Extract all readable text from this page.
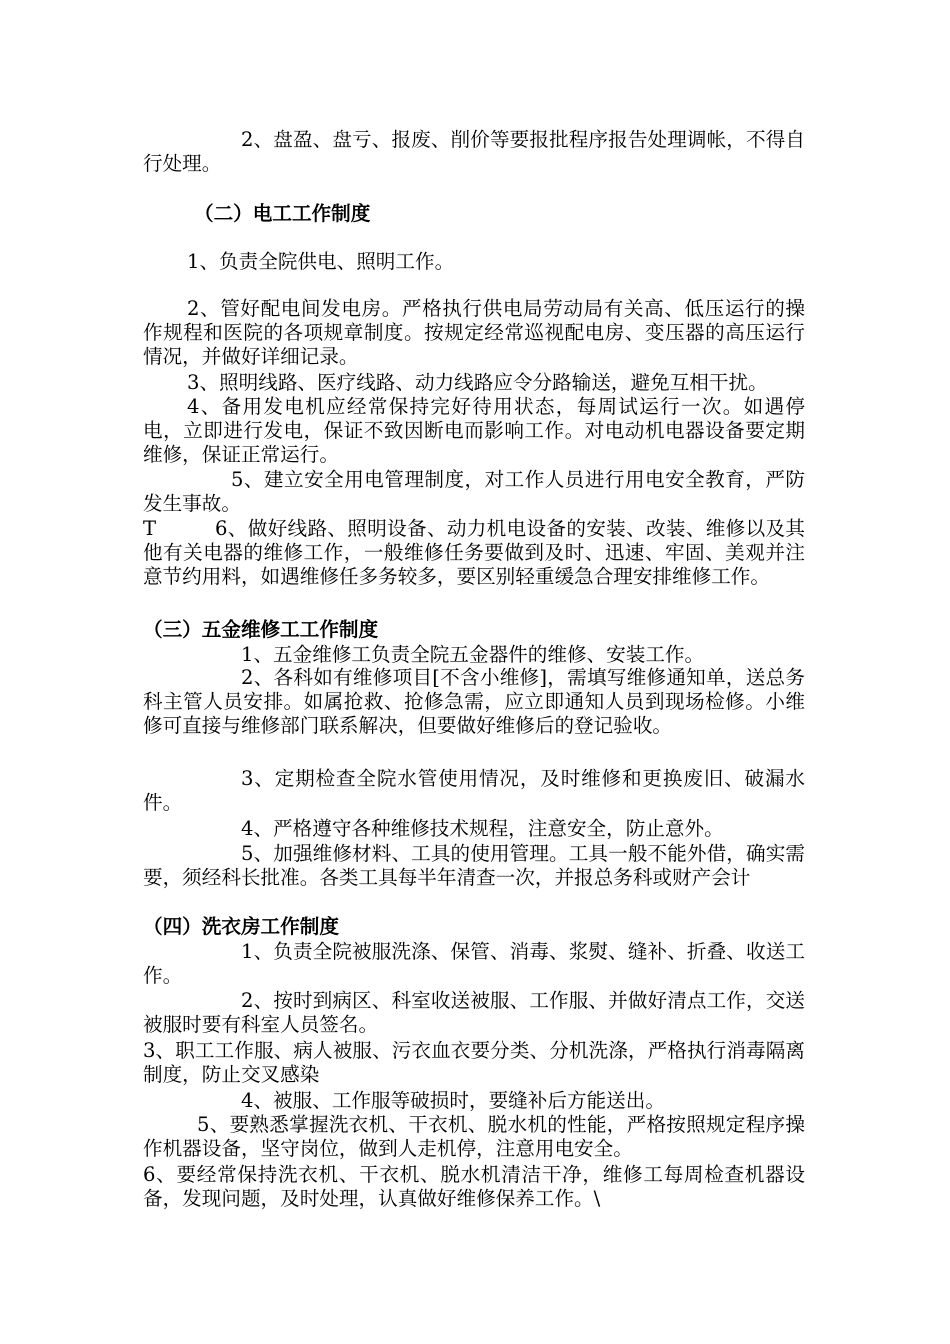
2、盘盈、盘亏、报废、削价等要报批程序报告处理调帐，不得自行处理。
（二）电工工作制度
1、负责全院供电、照明工作。
2、管好配电间发电房。严格执行供电局劳动局有关高、低压运行的操作规程和医院的各项规章制度。按规定经常巡视配电房、变压器的高压运行情况，并做好详细记录。
3、照明线路、医疗线路、动力线路应令分路输送，避免互相干扰。
4、备用发电机应经常保持完好待用状态，每周试运行一次。如遇停电，立即进行发电，保证不致因断电而影响工作。对电动机电器设备要定期维修，保证正常运行。
5、建立安全用电管理制度，对工作人员进行用电安全教育，严防发生事故。
T         6、做好线路、照明设备、动力机电设备的安装、改装、维修以及其他有关电器的维修工作，一般维修任务要做到及时、迅速、牢固、美观并注意节约用料，如遇维修任多务较多，要区别轻重缓急合理安排维修工作。
（三）五金维修工工作制度
1、五金维修工负责全院五金器件的维修、安装工作。
2、各科如有维修项目[不含小维修]，需填写维修通知单，送总务科主管人员安排。如属抢救、抢修急需，应立即通知人员到现场检修。小维修可直接与维修部门联系解决，但要做好维修后的登记验收。
3、定期检查全院水管使用情况，及时维修和更换废旧、破漏水件。
4、严格遵守各种维修技术规程，注意安全，防止意外。
5、加强维修材料、工具的使用管理。工具一般不能外借，确实需要，须经科长批准。各类工具每半年清查一次，并报总务科或财产会计
（四）洗衣房工作制度
1、负责全院被服洗涤、保管、消毒、浆熨、缝补、折叠、收送工作。
2、按时到病区、科室收送被服、工作服、并做好清点工作，交送被服时要有科室人员签名。
3、职工工作服、病人被服、污衣血衣要分类、分机洗涤，严格执行消毒隔离制度，防止交叉感染
4、被服、工作服等破损时，要缝补后方能送出。
5、要熟悉掌握洗衣机、干衣机、脱水机的性能，严格按照规定程序操作机器设备，坚守岗位，做到人走机停，注意用电安全。
6、要经常保持洗衣机、干衣机、脱水机清洁干净，维修工每周检查机器设备，发现问题，及时处理，认真做好维修保养工作。\
